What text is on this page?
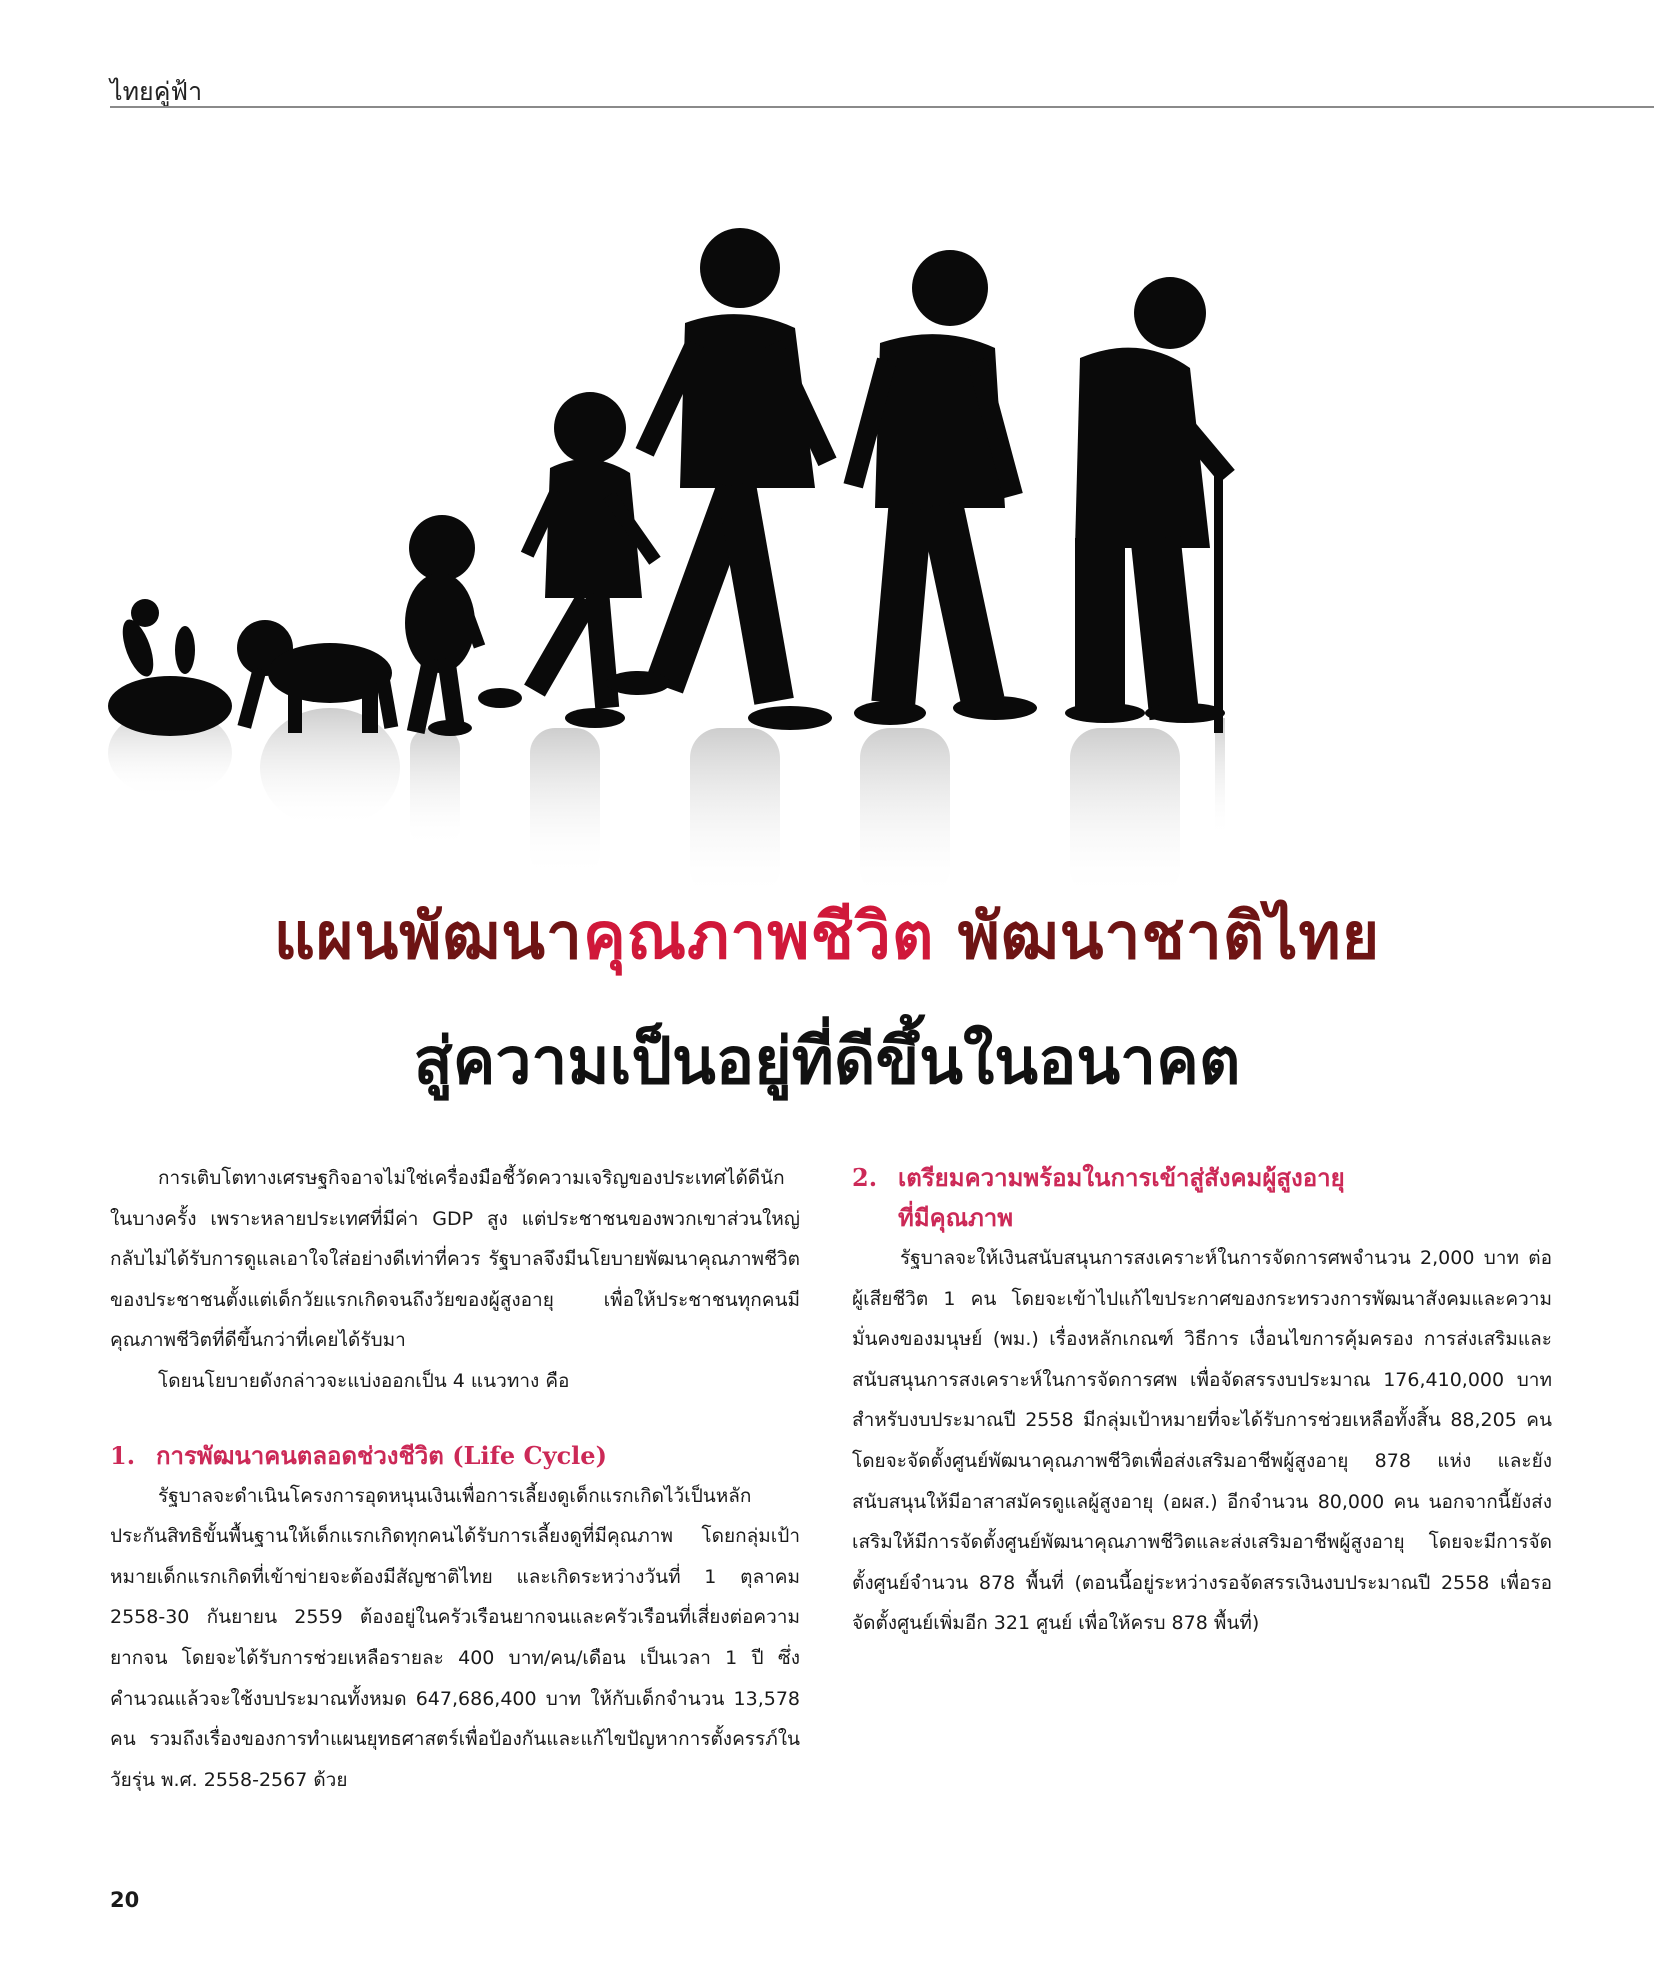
ไทยคู่ฟ้า
แผนพัฒนาคุณภาพชีวิต พัฒนาชาติไทย
สู่ความเป็นอยู่ที่ดีขึ้นในอนาคต

การเติบโตทางเศรษฐกิจอาจไม่ใช่เครื่องมือชี้วัดความเจริญของประเทศได้ดีนักในบางครั้ง เพราะหลายประเทศที่มีค่า GDP สูง แต่ประชาชนของพวกเขาส่วนใหญ่กลับไม่ได้รับการดูแลเอาใจใส่อย่างดีเท่าที่ควร รัฐบาลจึงมีนโยบายพัฒนาคุณภาพชีวิตของประชาชนตั้งแต่เด็กวัยแรกเกิดจนถึงวัยของผู้สูงอายุ เพื่อให้ประชาชนทุกคนมีคุณภาพชีวิตที่ดีขึ้นกว่าที่เคยได้รับมา

โดยนโยบายดังกล่าวจะแบ่งออกเป็น 4 แนวทาง คือ

1. การพัฒนาคนตลอดช่วงชีวิต (Life Cycle)

รัฐบาลจะดำเนินโครงการอุดหนุนเงินเพื่อการเลี้ยงดูเด็กแรกเกิดไว้เป็นหลักประกันสิทธิขั้นพื้นฐานให้เด็กแรกเกิดทุกคนได้รับการเลี้ยงดูที่มีคุณภาพ โดยกลุ่มเป้าหมายเด็กแรกเกิดที่เข้าข่ายจะต้องมีสัญชาติไทย และเกิดระหว่างวันที่ 1 ตุลาคม 2558-30 กันยายน 2559 ต้องอยู่ในครัวเรือนยากจนและครัวเรือนที่เสี่ยงต่อความยากจน โดยจะได้รับการช่วยเหลือรายละ 400 บาท/คน/เดือน เป็นเวลา 1 ปี ซึ่งคำนวณแล้วจะใช้งบประมาณทั้งหมด 647,686,400 บาท ให้กับเด็กจำนวน 13,578 คน รวมถึงเรื่องของการทำแผนยุทธศาสตร์เพื่อป้องกันและแก้ไขปัญหาการตั้งครรภ์ในวัยรุ่น พ.ศ. 2558-2567 ด้วย

2. เตรียมความพร้อมในการเข้าสู่สังคมผู้สูงอายุ
ที่มีคุณภาพ

รัฐบาลจะให้เงินสนับสนุนการสงเคราะห์ในการจัดการศพจำนวน 2,000 บาท ต่อผู้เสียชีวิต 1 คน โดยจะเข้าไปแก้ไขประกาศของกระทรวงการพัฒนาสังคมและความมั่นคงของมนุษย์ (พม.) เรื่องหลักเกณฑ์ วิธีการ เงื่อนไขการคุ้มครอง การส่งเสริมและสนับสนุนการสงเคราะห์ในการจัดการศพ เพื่อจัดสรรงบประมาณ 176,410,000 บาท สำหรับงบประมาณปี 2558 มีกลุ่มเป้าหมายที่จะได้รับการช่วยเหลือทั้งสิ้น 88,205 คน โดยจะจัดตั้งศูนย์พัฒนาคุณภาพชีวิตเพื่อส่งเสริมอาชีพผู้สูงอายุ 878 แห่ง และยังสนับสนุนให้มีอาสาสมัครดูแลผู้สูงอายุ (อผส.) อีกจำนวน 80,000 คน นอกจากนี้ยังส่งเสริมให้มีการจัดตั้งศูนย์พัฒนาคุณภาพชีวิตและส่งเสริมอาชีพผู้สูงอายุ โดยจะมีการจัดตั้งศูนย์จำนวน 878 พื้นที่ (ตอนนี้อยู่ระหว่างรอจัดสรรเงินงบประมาณปี 2558 เพื่อรอจัดตั้งศูนย์เพิ่มอีก 321 ศูนย์ เพื่อให้ครบ 878 พื้นที่)

20
